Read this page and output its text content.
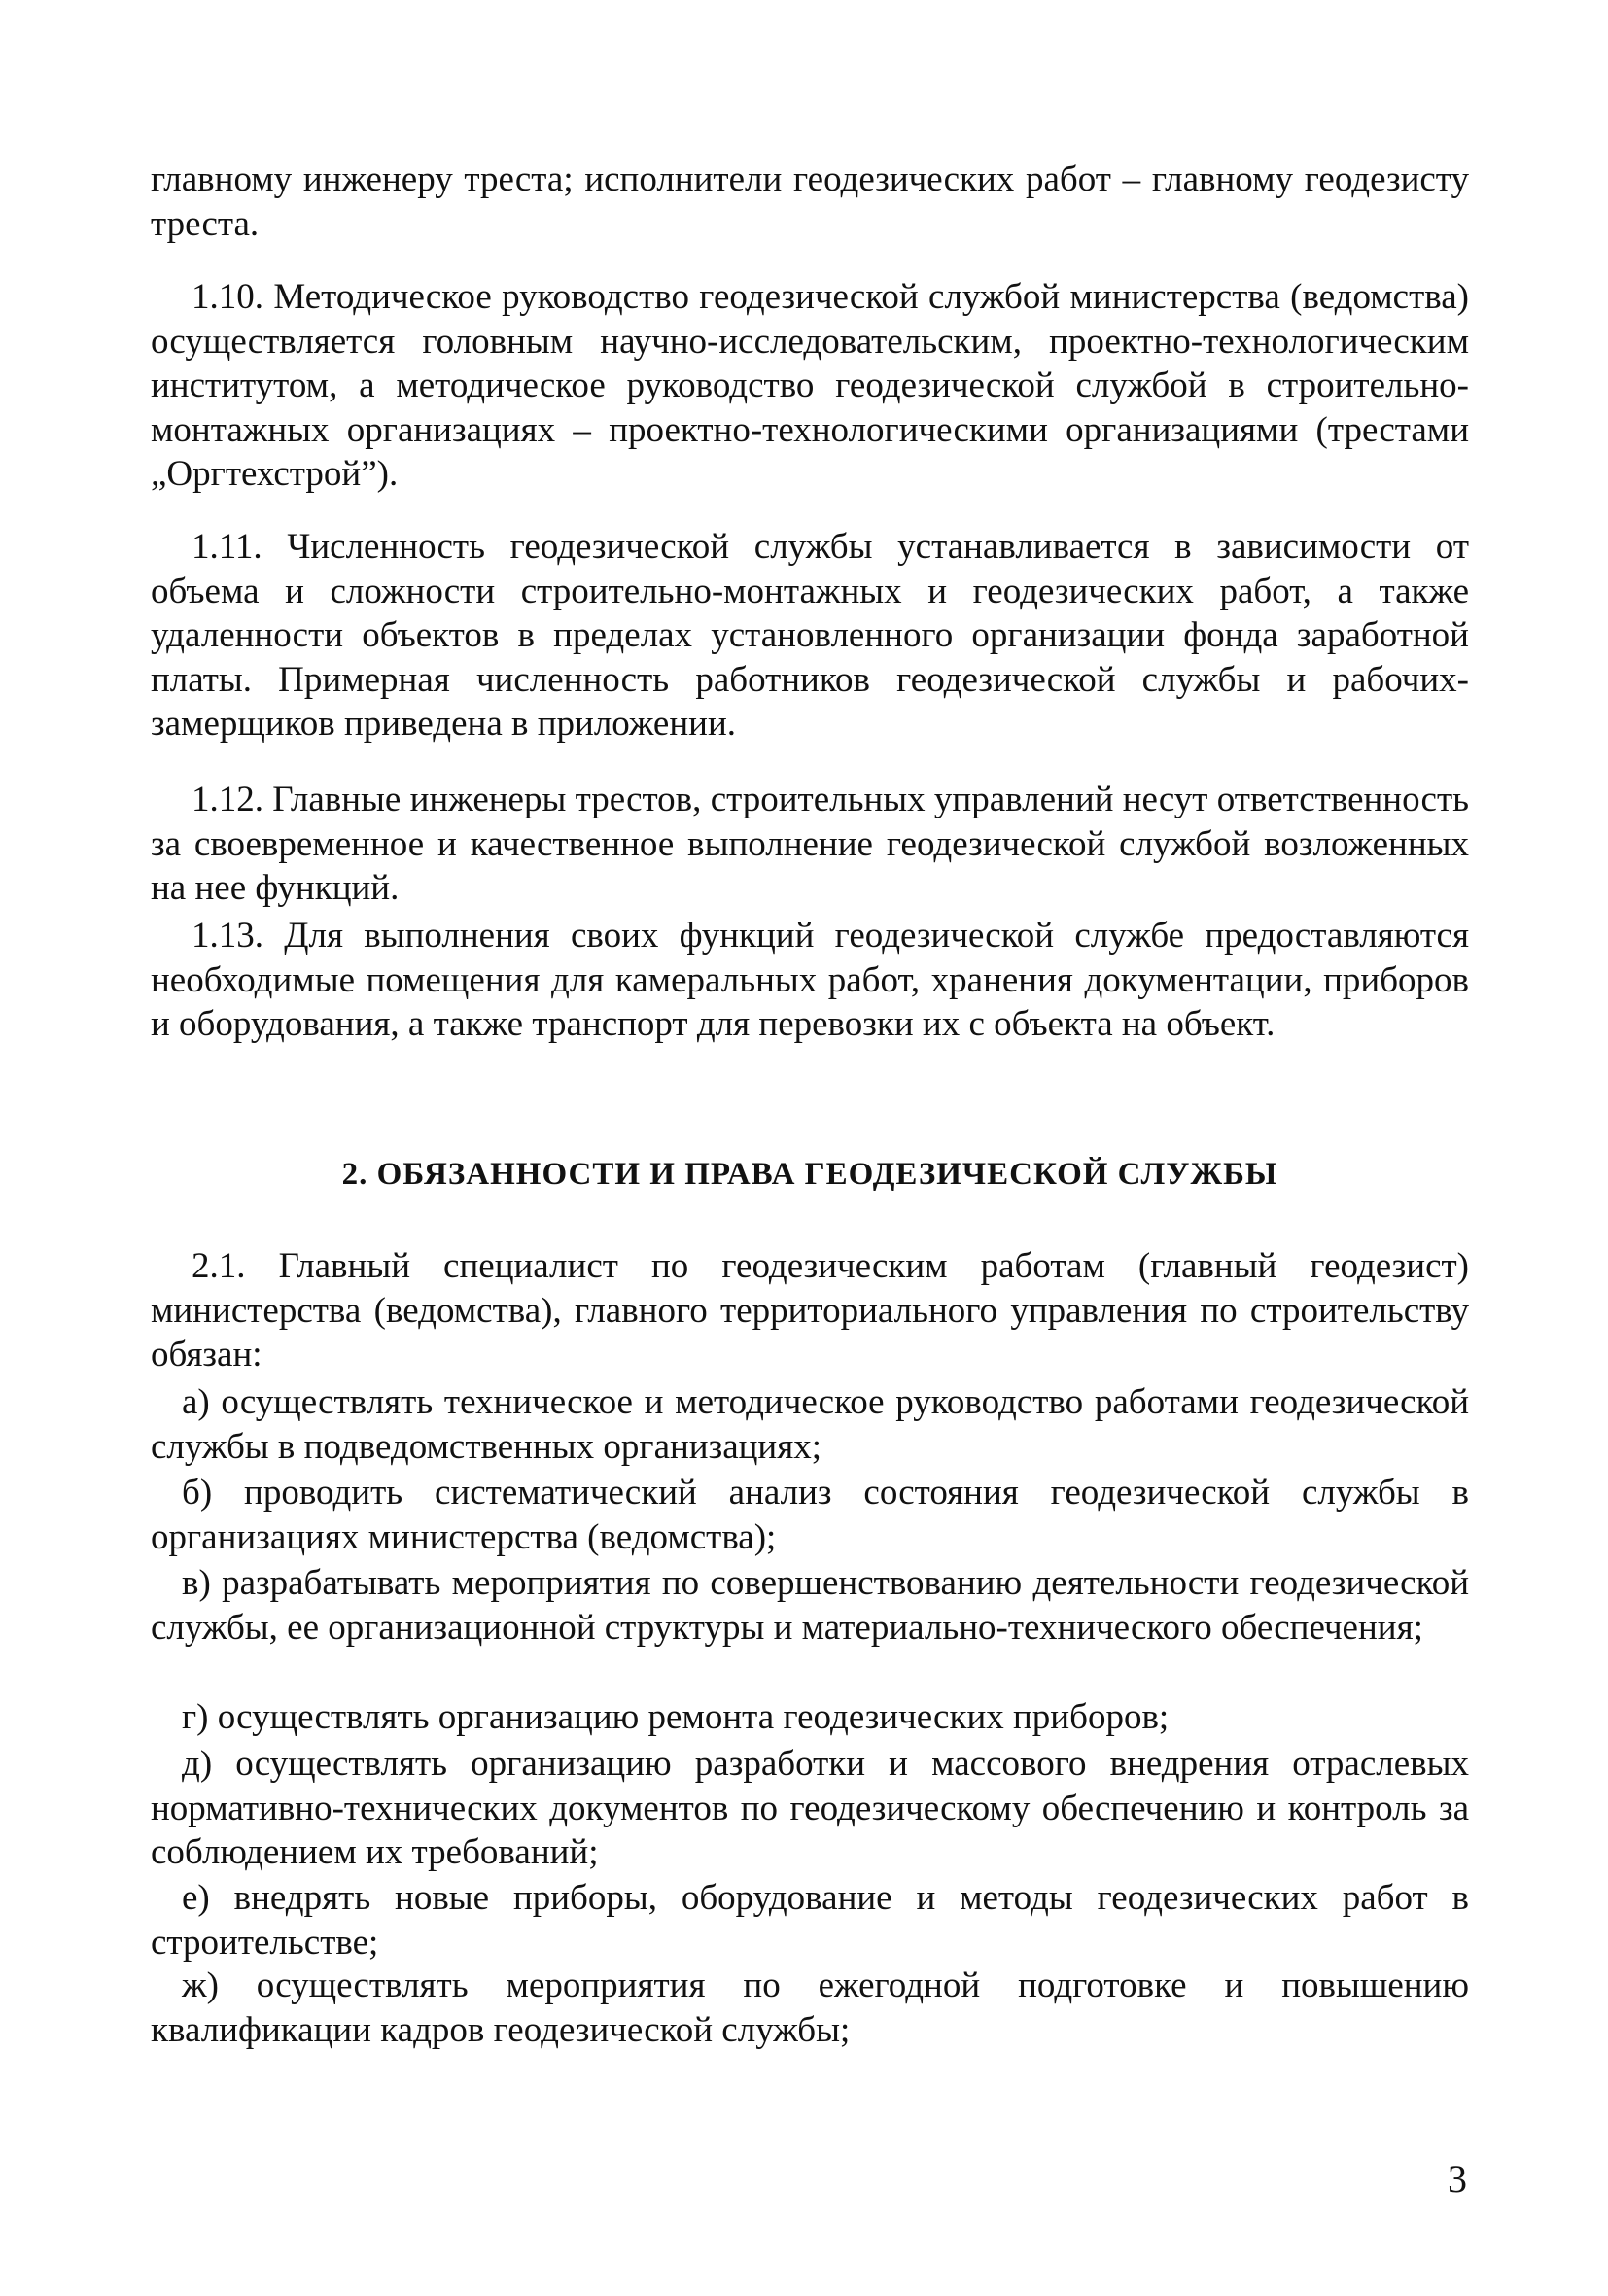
главному инженеру треста; исполнители геодезических работ – главному геодезисту треста.

1.10. Методическое руководство геодезической службой министерства (ведомства) осуществляется головным научно-исследовательским, проектно-технологическим институтом, а методическое руководство геодезической службой в строительно-монтажных организациях – проектно-технологическими организациями (трестами „Оргтехстрой”).

1.11. Численность геодезической службы устанавливается в зависимости от объема и сложности строительно-монтажных и геодезических работ, а также удаленности объектов в пределах установленного организации фонда заработной платы. Примерная численность работников геодезической службы и рабочих-замерщиков приведена в приложении.

1.12. Главные инженеры трестов, строительных управлений несут ответственность за своевременное и качественное выполнение геодезической службой возложенных на нее функций.

1.13. Для выполнения своих функций геодезической службе предоставляются необходимые помещения для камеральных работ, хранения документации, приборов и оборудования, а также транспорт для перевозки их с объекта на объект.

2. ОБЯЗАННОСТИ И ПРАВА ГЕОДЕЗИЧЕСКОЙ СЛУЖБЫ

2.1. Главный специалист по геодезическим работам (главный геодезист) министерства (ведомства), главного территориального управления по строительству обязан:

а) осуществлять техническое и методическое руководство работами геодезической службы в подведомственных организациях;

б) проводить систематический анализ состояния геодезической службы в организациях министерства (ведомства);

в) разрабатывать мероприятия по совершенствованию деятельности геодезической службы, ее организационной структуры и материально-технического обеспечения;

г) осуществлять организацию ремонта геодезических приборов;

д) осуществлять организацию разработки и массового внедрения отраслевых нормативно-технических документов по геодезическому обеспечению и контроль за соблюдением их требований;

е) внедрять новые приборы, оборудование и методы геодезических работ в строительстве;

ж) осуществлять мероприятия по ежегодной подготовке и повышению квалификации кадров геодезической службы;

3
